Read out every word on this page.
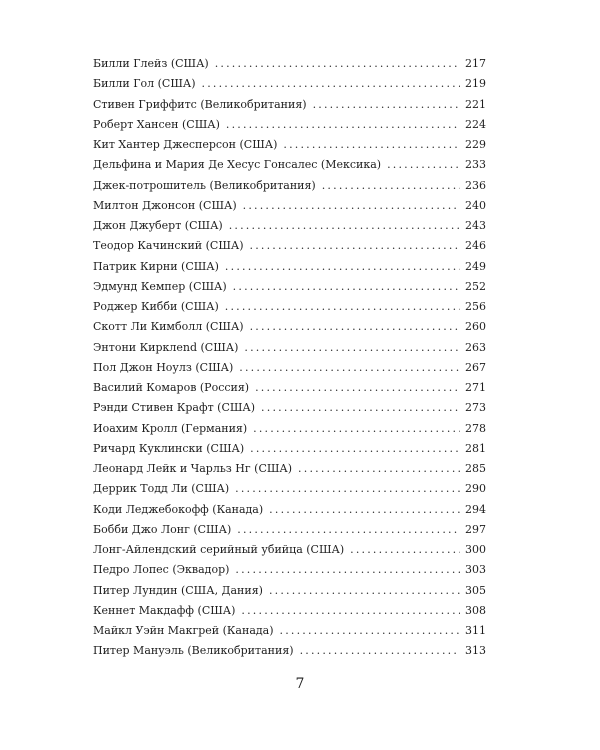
Билли Глейз (США) .....	217
Билли Гол (США) .....	219
Стивен Гриффитс (Великобритания) .....	221
Роберт Хансен (США) .....	224
Кит Хантер Джесперсон (США) .....	229
Дельфина и Мария Де Хесус Гонсалес (Мексика) .....	233
Джек-потрошитель (Великобритания) .....	236
Милтон Джонсон (США) .....	240
Джон Джуберт (США) .....	243
Теодор Качинский (США) .....	246
Патрик Кирни (США) .....	249
Эдмунд Кемпер (США) .....	252
Роджер Кибби (США) .....	256
Скотт Ли Кимболл (США) .....	260
Энтони Кирклend (США) .....	263
Пол Джон Ноулз (США) .....	267
Василий Комаров (Россия) .....	271
Рэнди Стивен Крафт (США) .....	273
Иоахим Кролл (Германия) .....	278
Ричард Куклински (США) .....	281
Леонард Лейк и Чарльз Нг (США) .....	285
Деррик Тодд Ли (США) .....	290
Коди Леджебокофф (Канада) .....	294
Бобби Джо Лонг (США) .....	297
Лонг-Айлендский серийный убийца (США) .....	300
Педро Лопес (Эквадор) .....	303
Питер Лундин (США, Дания) .....	305
Кеннет Макдафф (США) .....	308
Майкл Уэйн Макгрей (Канада) .....	311
Питер Мануэль (Великобритания) .....	313
7
